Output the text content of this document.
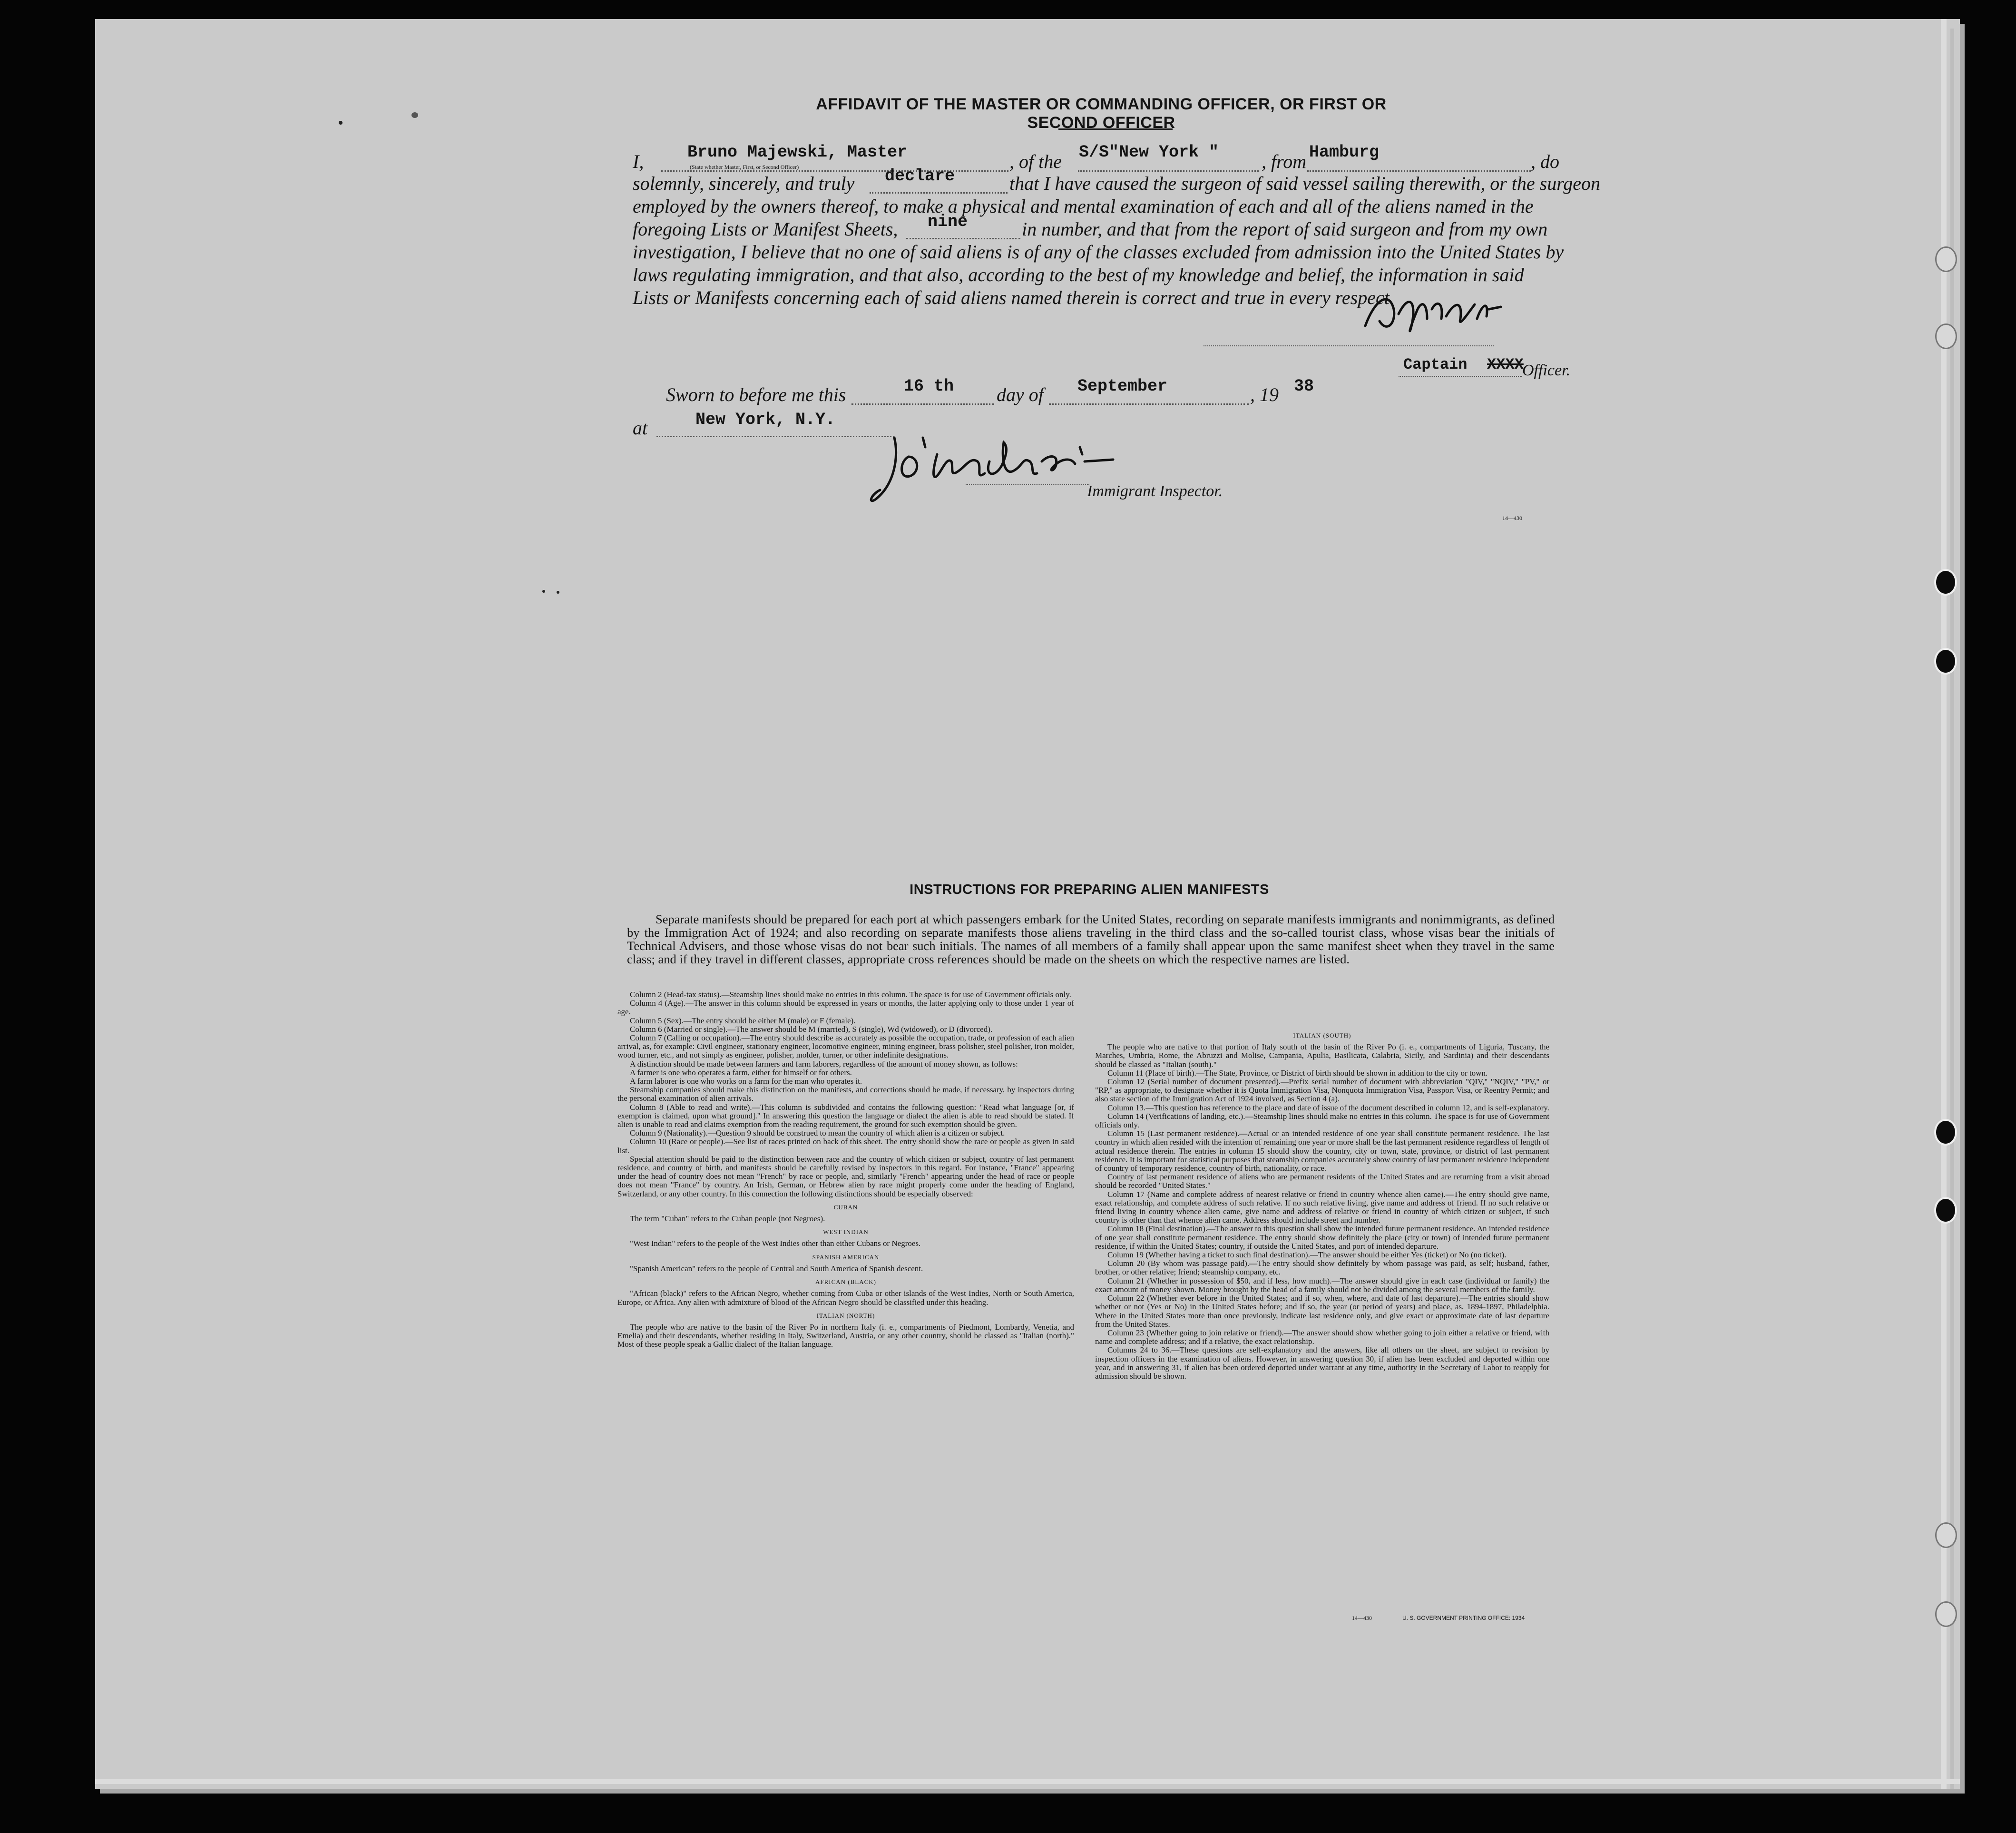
AFFIDAVIT OF THE MASTER OR COMMANDING OFFICER, OR FIRST OR SECOND OFFICER
I,	Bruno Majewski, Master
(State whether Master, First, or Second Officer)	, of the S/S"New York " , from Hamburg	, do
solemnly, sincerely, and truly declare	that I have caused the surgeon of said vessel sailing therewith, or the surgeon
employed by the owners thereof, to make a physical and mental examination of each and all of the aliens named in the
foregoing Lists or Manifest Sheets, nine	in number, and that from the report of said surgeon and from my own
investigation, I believe that no one of said aliens is of any of the classes excluded from admission into the United States by
laws regulating immigration, and that also, according to the best of my knowledge and belief, the information in said
Lists or Manifests concerning each of said aliens named therein is correct and true in every respect.
Captain XXXX
Officer.
Sworn to before me this	16 th day of September	, 19 38
at	New York, N.Y.
Immigrant Inspector.
14—430
INSTRUCTIONS FOR PREPARING ALIEN MANIFESTS
Separate manifests should be prepared for each port at which passengers embark for the United States, recording on separate manifests immigrants and nonimmigrants, as defined by the Immigration Act of 1924; and also recording on separate manifests those aliens traveling in the third class and the so-called tourist class, whose visas bear the initials of Technical Advisers, and those whose visas do not bear such initials. The names of all members of a family shall appear upon the same manifest sheet when they travel in the same class; and if they travel in different classes, appropriate cross references should be made on the sheets on which the respective names are listed.

Column 2 (Head-tax status).—Steamship lines should make no entries in this column. The space is for use of Government officials only.

Column 4 (Age).—The answer in this column should be expressed in years or months, the latter applying only to those under 1 year of age.

Column 5 (Sex).—The entry should be either M (male) or F (female).

Column 6 (Married or single).—The answer should be M (married), S (single), Wd (widowed), or D (divorced).

Column 7 (Calling or occupation).—The entry should describe as accurately as possible the occupation, trade, or profession of each alien arrival, as, for example: Civil engineer, stationary engineer, locomotive engineer, mining engineer, brass polisher, steel polisher, iron molder, wood turner, etc., and not simply as engineer, polisher, molder, turner, or other indefinite designations.

A distinction should be made between farmers and farm laborers, regardless of the amount of money shown, as follows:

A farmer is one who operates a farm, either for himself or for others.

A farm laborer is one who works on a farm for the man who operates it.

Steamship companies should make this distinction on the manifests, and corrections should be made, if necessary, by inspectors during the personal examination of alien arrivals.

Column 8 (Able to read and write).—This column is subdivided and contains the following question: "Read what language [or, if exemption is claimed, upon what ground]." In answering this question the language or dialect the alien is able to read should be stated. If alien is unable to read and claims exemption from the reading requirement, the ground for such exemption should be given.

Column 9 (Nationality).—Question 9 should be construed to mean the country of which alien is a citizen or subject.

Column 10 (Race or people).—See list of races printed on back of this sheet. The entry should show the race or people as given in said list.

Special attention should be paid to the distinction between race and the country of which citizen or subject, country of last permanent residence, and country of birth, and manifests should be carefully revised by inspectors in this regard. For instance, "France" appearing under the head of country does not mean "French" by race or people, and, similarly "French" appearing under the head of race or people does not mean "France" by country. An Irish, German, or Hebrew alien by race might properly come under the heading of England, Switzerland, or any other country. In this connection the following distinctions should be especially observed:

CUBAN

The term "Cuban" refers to the Cuban people (not Negroes).

WEST INDIAN

"West Indian" refers to the people of the West Indies other than either Cubans or Negroes.

SPANISH AMERICAN

"Spanish American" refers to the people of Central and South America of Spanish descent.

AFRICAN (BLACK)

"African (black)" refers to the African Negro, whether coming from Cuba or other islands of the West Indies, North or South America, Europe, or Africa. Any alien with admixture of blood of the African Negro should be classified under this heading.

ITALIAN (NORTH)

The people who are native to the basin of the River Po in northern Italy (i. e., compartments of Piedmont, Lombardy, Venetia, and Emelia) and their descendants, whether residing in Italy, Switzerland, Austria, or any other country, should be classed as "Italian (north)." Most of these people speak a Gallic dialect of the Italian language.

ITALIAN (SOUTH)

The people who are native to that portion of Italy south of the basin of the River Po (i. e., compartments of Liguria, Tuscany, the Marches, Umbria, Rome, the Abruzzi and Molise, Campania, Apulia, Basilicata, Calabria, Sicily, and Sardinia) and their descendants should be classed as "Italian (south)."

Column 11 (Place of birth).—The State, Province, or District of birth should be shown in addition to the city or town.

Column 12 (Serial number of document presented).—Prefix serial number of document with abbreviation "QIV," "NQIV," "PV," or "RP," as appropriate, to designate whether it is Quota Immigration Visa, Nonquota Immigration Visa, Passport Visa, or Reentry Permit; and also state section of the Immigration Act of 1924 involved, as Section 4 (a).

Column 13.—This question has reference to the place and date of issue of the document described in column 12, and is self-explanatory.

Column 14 (Verifications of landing, etc.).—Steamship lines should make no entries in this column. The space is for use of Government officials only.

Column 15 (Last permanent residence).—Actual or an intended residence of one year shall constitute permanent residence. The last country in which alien resided with the intention of remaining one year or more shall be the last permanent residence regardless of length of actual residence therein. The entries in column 15 should show the country, city or town, state, province, or district of last permanent residence. It is important for statistical purposes that steamship companies accurately show country of last permanent residence independent of country of temporary residence, country of birth, nationality, or race.

Country of last permanent residence of aliens who are permanent residents of the United States and are returning from a visit abroad should be recorded "United States."

Column 17 (Name and complete address of nearest relative or friend in country whence alien came).—The entry should give name, exact relationship, and complete address of such relative. If no such relative living, give name and address of friend. If no such relative or friend living in country whence alien came, give name and address of relative or friend in country of which citizen or subject, if such country is other than that whence alien came. Address should include street and number.

Column 18 (Final destination).—The answer to this question shall show the intended future permanent residence. An intended residence of one year shall constitute permanent residence. The entry should show definitely the place (city or town) of intended future permanent residence, if within the United States; country, if outside the United States, and port of intended departure.

Column 19 (Whether having a ticket to such final destination).—The answer should be either Yes (ticket) or No (no ticket).

Column 20 (By whom was passage paid).—The entry should show definitely by whom passage was paid, as self; husband, father, brother, or other relative; friend; steamship company, etc.

Column 21 (Whether in possession of $50, and if less, how much).—The answer should give in each case (individual or family) the exact amount of money shown. Money brought by the head of a family should not be divided among the several members of the family.

Column 22 (Whether ever before in the United States; and if so, when, where, and date of last departure).—The entries should show whether or not (Yes or No) in the United States before; and if so, the year (or period of years) and place, as, 1894-1897, Philadelphia. Where in the United States more than once previously, indicate last residence only, and give exact or approximate date of last departure from the United States.

Column 23 (Whether going to join relative or friend).—The answer should show whether going to join either a relative or friend, with name and complete address; and if a relative, the exact relationship.

Columns 24 to 36.—These questions are self-explanatory and the answers, like all others on the sheet, are subject to revision by inspection officers in the examination of aliens. However, in answering question 30, if alien has been excluded and deported within one year, and in answering 31, if alien has been ordered deported under warrant at any time, authority in the Secretary of Labor to reapply for admission should be shown.

14—430	U. S. GOVERNMENT PRINTING OFFICE: 1934
